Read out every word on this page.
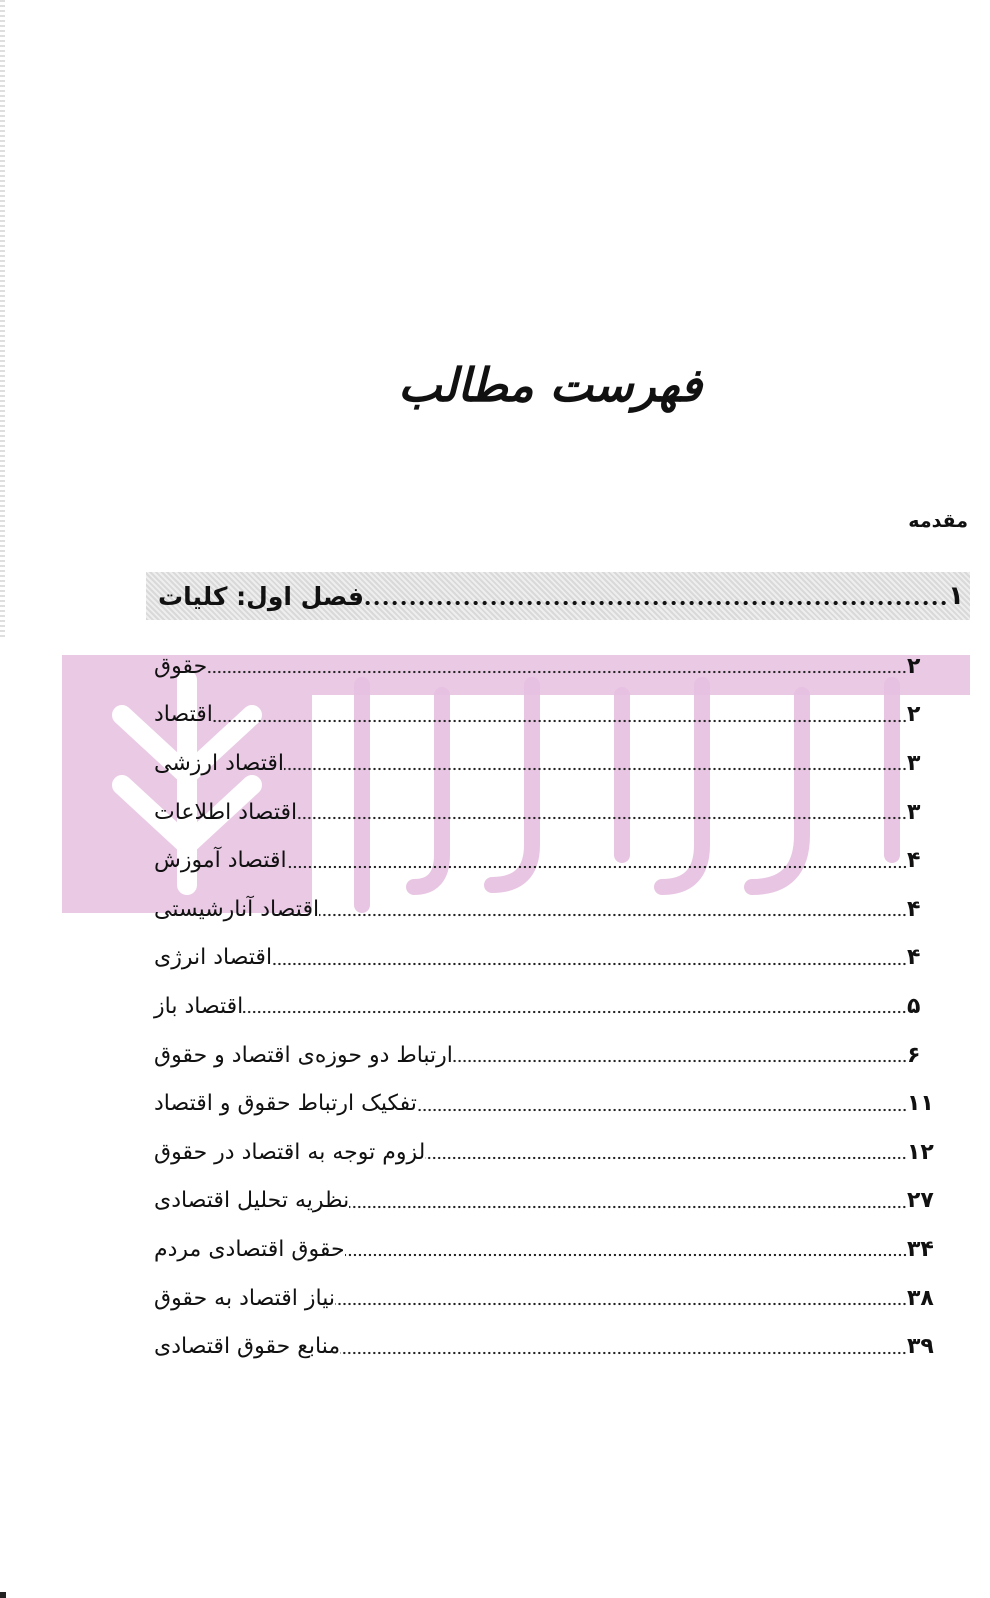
فهرست مطالب
مقدمه
فصل اول: کلیات	۱
حقوق	۲
اقتصاد	۲
اقتصاد ارزشی	۳
اقتصاد اطلاعات	۳
اقتصاد آموزش	۴
اقتصاد آنارشیستی	۴
اقتصاد انرژی	۴
اقتصاد باز	۵
ارتباط دو حوزه‌ی اقتصاد و حقوق	۶
تفکیک ارتباط حقوق و اقتصاد	۱۱
لزوم توجه به اقتصاد در حقوق	۱۲
نظریه تحلیل اقتصادی	۲۷
حقوق اقتصادی مردم	۳۴
نیاز اقتصاد به حقوق	۳۸
منابع حقوق اقتصادی	۳۹
